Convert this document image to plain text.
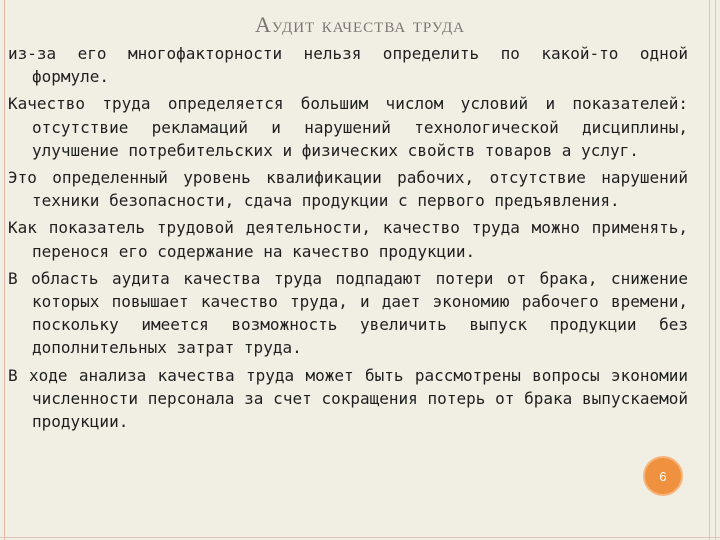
Аудит качества труда

из-за его многофакторности нельзя определить по какой-то одной формуле.

Качество труда определяется большим числом условий и показателей: отсутствие рекламаций и нарушений технологической дисциплины, улучшение потребительских и физических свойств товаров а услуг.

Это определенный уровень квалификации рабочих, отсутствие нарушений техники безопасности, сдача продукции с первого предъявления.

Как показатель трудовой деятельности, качество труда можно применять, перенося его содержание на качество продукции.

В область аудита качества труда подпадают потери от брака, снижение которых повышает качество труда, и дает экономию рабочего времени, поскольку имеется возможность увеличить выпуск продукции без дополнительных затрат труда.

В ходе анализа качества труда может быть рассмотрены вопросы экономии численности персонала за счет сокращения потерь от брака выпускаемой продукции.

6
